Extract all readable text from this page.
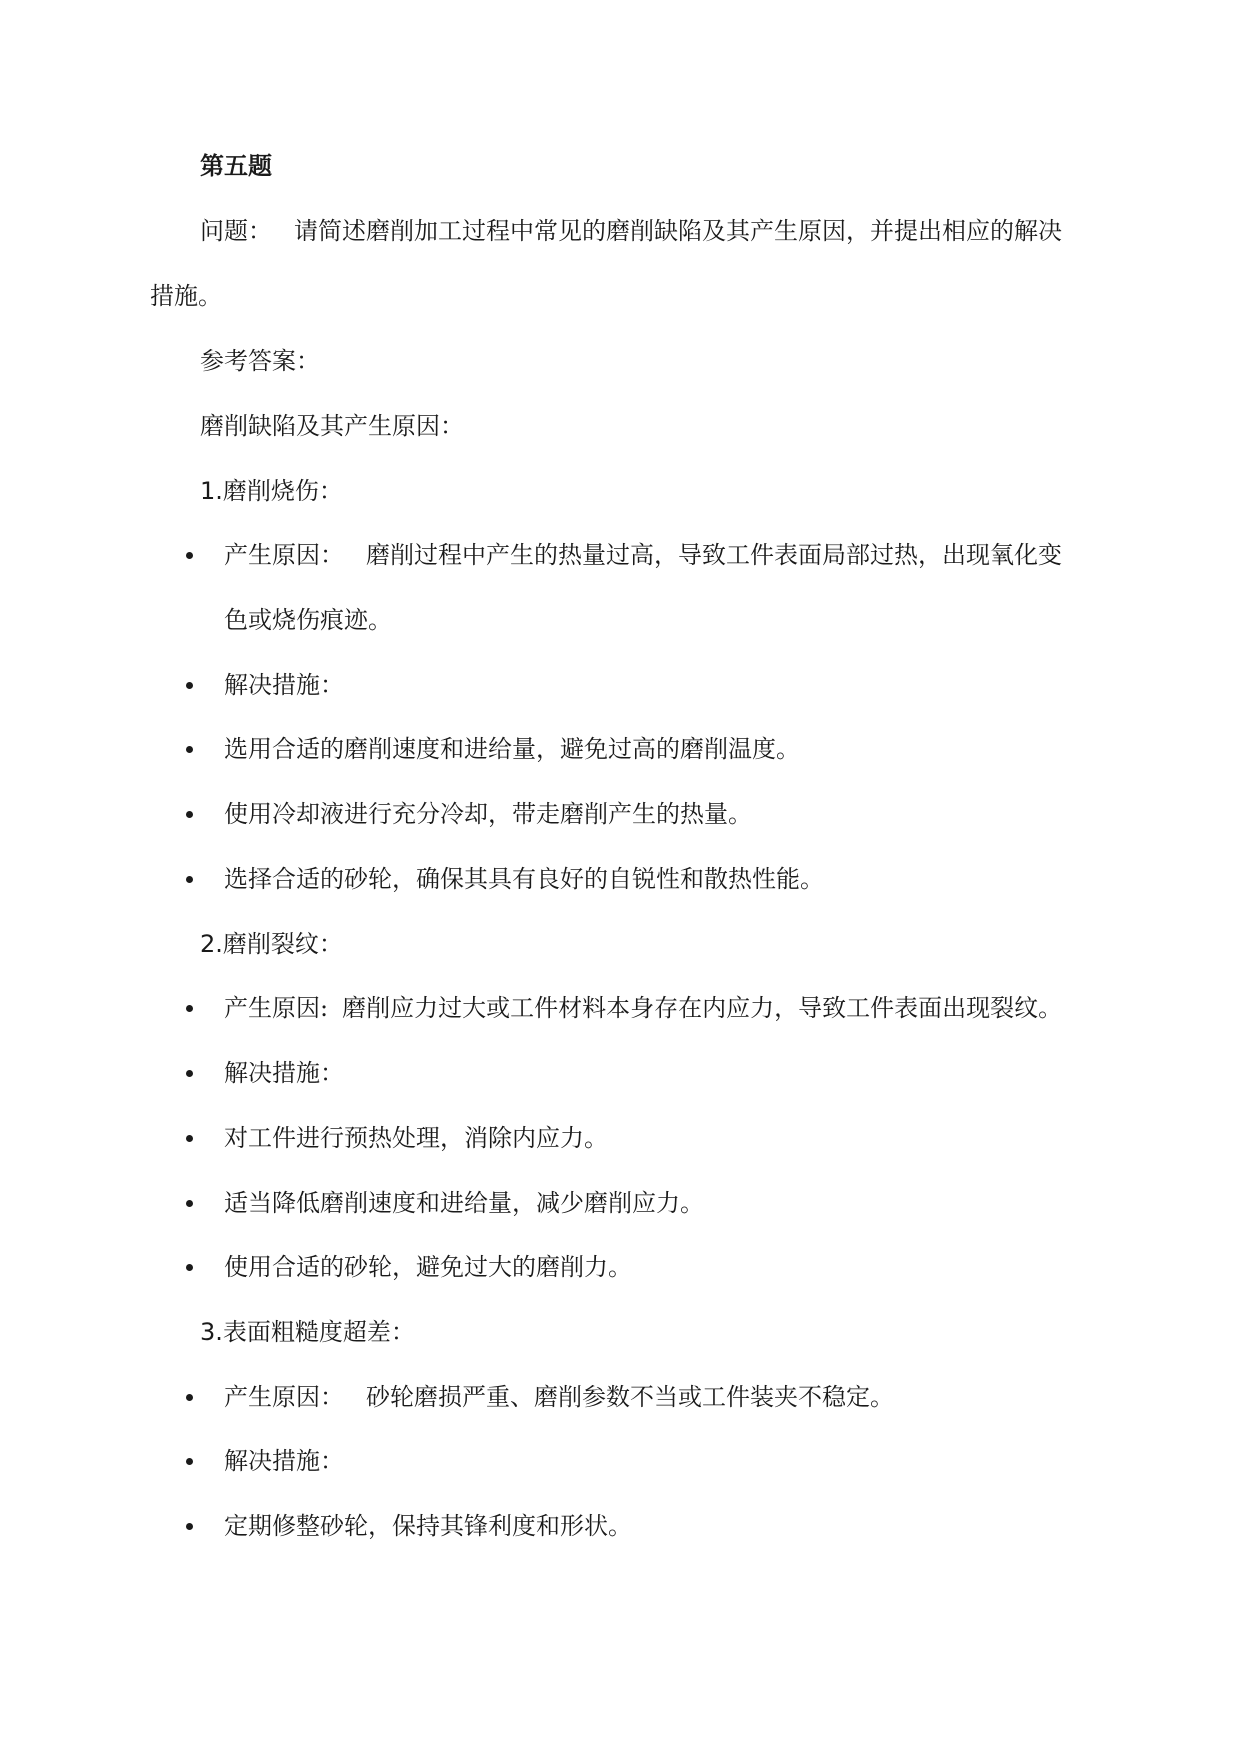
第五题
问题： 请简述磨削加工过程中常见的磨削缺陷及其产生原因，并提出相应的解决
措施。
参考答案：
磨削缺陷及其产生原因：
1.磨削烧伤：
产生原因： 磨削过程中产生的热量过高，导致工件表面局部过热，出现氧化变
色或烧伤痕迹。
解决措施：
选用合适的磨削速度和进给量，避免过高的磨削温度。
使用冷却液进行充分冷却，带走磨削产生的热量。
选择合适的砂轮，确保其具有良好的自锐性和散热性能。
2.磨削裂纹：
产生原因: 磨削应力过大或工件材料本身存在内应力，导致工件表面出现裂纹。
解决措施：
对工件进行预热处理，消除内应力。
适当降低磨削速度和进给量，减少磨削应力。
使用合适的砂轮，避免过大的磨削力。
3.表面粗糙度超差：
产生原因： 砂轮磨损严重、磨削参数不当或工件装夹不稳定。
解决措施：
定期修整砂轮，保持其锋利度和形状。
